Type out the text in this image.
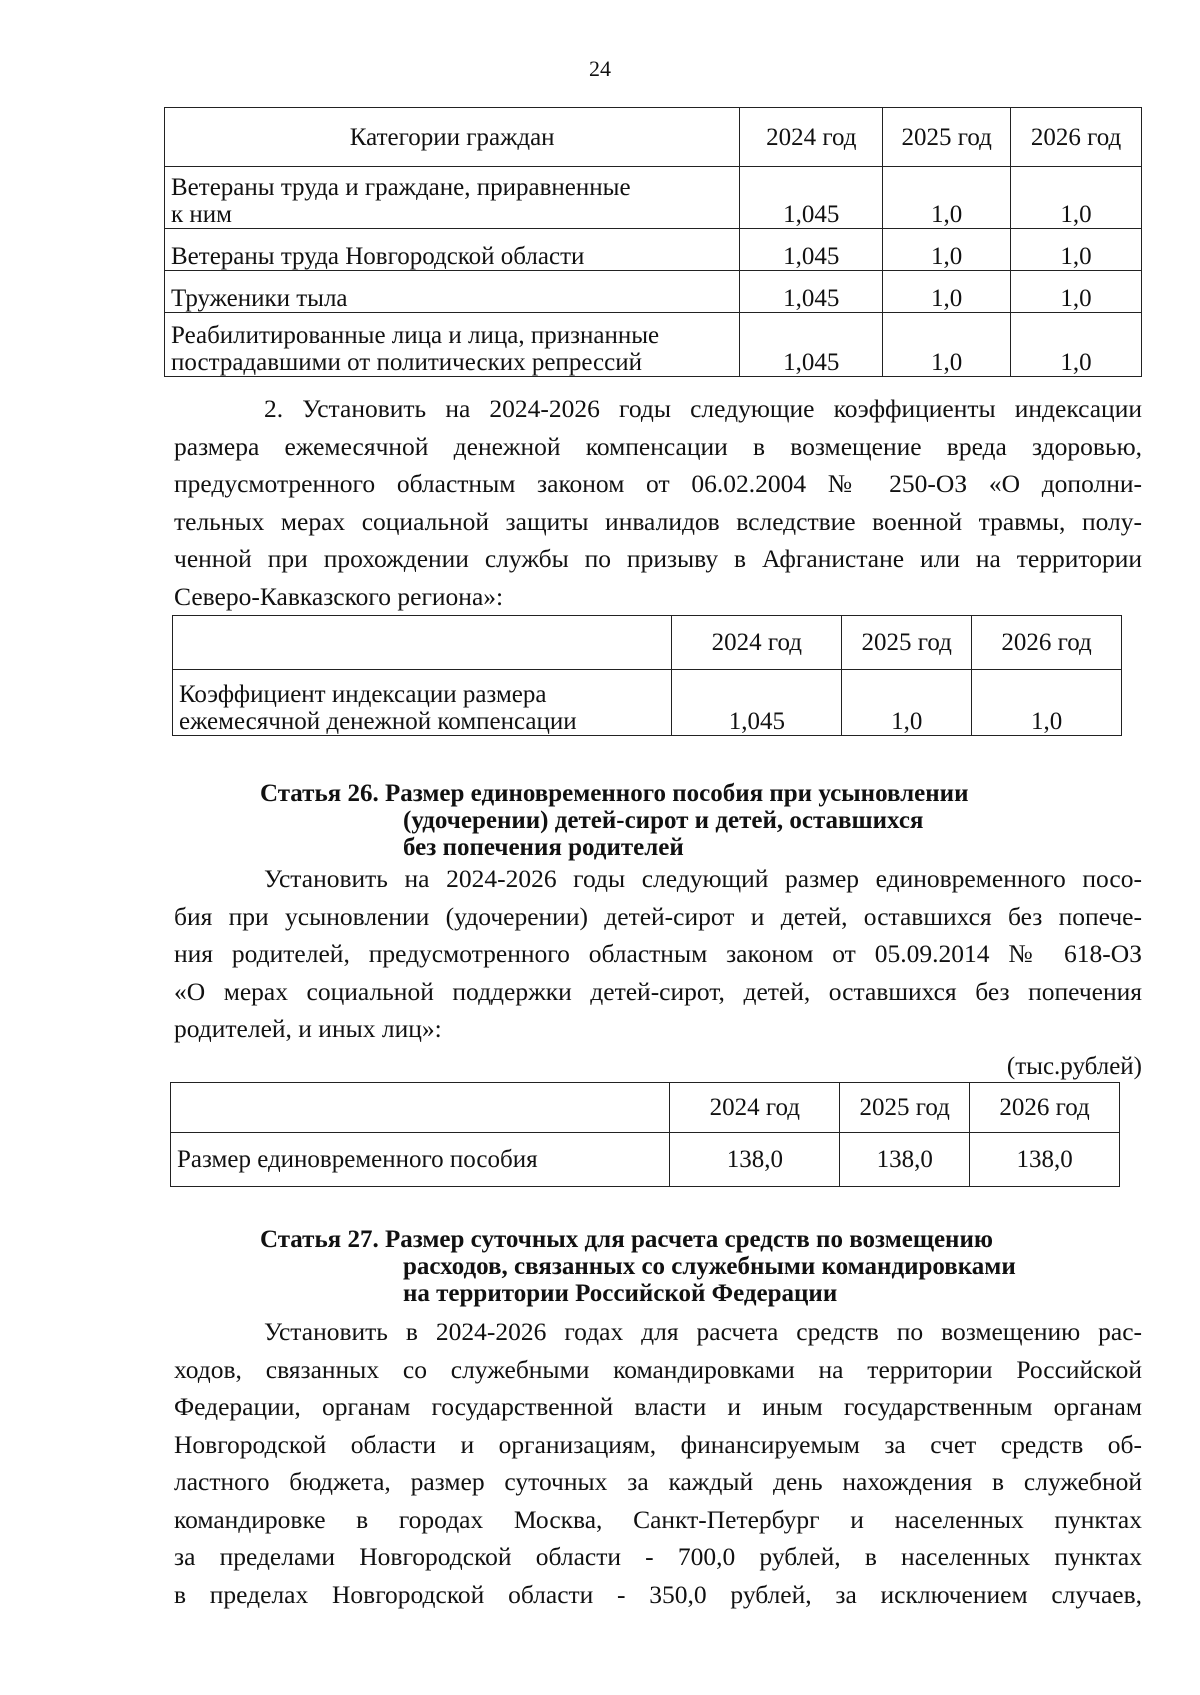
24
Категории граждан	2024 год	2025 год	2026 год

Ветераны труда и граждане, приравненные
к ним	1,045	1,0	1,0
Ветераны труда Новгородской области	1,045	1,0	1,0
Труженики тыла	1,045	1,0	1,0

Реабилитированные лица и лица, признанные
пострадавшими от политических репрессий	1,045	1,0	1,0
2. Установить на 2024-2026 годы следующие коэффициенты индексации
размера ежемесячной денежной компенсации в возмещение вреда здоровью,
предусмотренного областным законом от 06.02.2004 № 250-ОЗ «О дополни-
тельных мерах социальной защиты инвалидов вследствие военной травмы, полу-
ченной при прохождении службы по призыву в Афганистане или на территории
Северо-Кавказского региона»:
	2024 год	2025 год	2026 год

Коэффициент индексации размера
ежемесячной денежной компенсации	1,045	1,0	1,0
Статья 26. Размер единовременного пособия при усыновлении
(удочерении) детей-сирот и детей, оставшихся
без попечения родителей
Установить на 2024-2026 годы следующий размер единовременного посо-
бия при усыновлении (удочерении) детей-сирот и детей, оставшихся без попече-
ния родителей, предусмотренного областным законом от 05.09.2014 № 618-ОЗ
«О мерах социальной поддержки детей-сирот, детей, оставшихся без попечения
родителей, и иных лиц»:
(тыс.рублей)
	2024 год	2025 год	2026 год
Размер единовременного пособия	138,0	138,0	138,0
Статья 27. Размер суточных для расчета средств по возмещению
расходов, связанных со служебными командировками
на территории Российской Федерации
Установить в 2024-2026 годах для расчета средств по возмещению рас-
ходов, связанных со служебными командировками на территории Российской
Федерации, органам государственной власти и иным государственным органам
Новгородской области и организациям, финансируемым за счет средств об-
ластного бюджета, размер суточных за каждый день нахождения в служебной
командировке в городах Москва, Санкт-Петербург и населенных пунктах
за пределами Новгородской области - 700,0 рублей, в населенных пунктах
в пределах Новгородской области - 350,0 рублей, за исключением случаев,
